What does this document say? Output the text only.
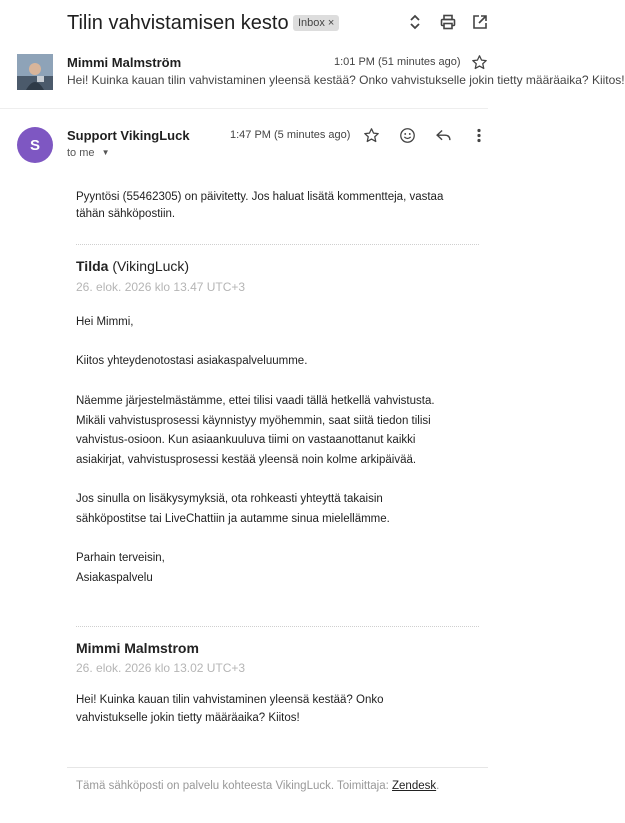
Tilin vahvistamisen kesto Inbox ×
Mimmi Malmström	1:01 PM (51 minutes ago)
Hei! Kuinka kauan tilin vahvistaminen yleensä kestää? Onko vahvistukselle jokin tietty määräaika? Kiitos!
S
Support VikingLuck	1:47 PM (5 minutes ago)
to me ▼
Pyyntösi (55462305) on päivitetty. Jos haluat lisätä kommentteja, vastaa
tähän sähköpostiin.
Tilda (VikingLuck)
26. elok. 2026 klo 13.47 UTC+3
Hei Mimmi,
Kiitos yhteydenotostasi asiakaspalveluumme.
Näemme järjestelmästämme, ettei tilisi vaadi tällä hetkellä vahvistusta.
Mikäli vahvistusprosessi käynnistyy myöhemmin, saat siitä tiedon tilisi
vahvistus-osioon. Kun asiaankuuluva tiimi on vastaanottanut kaikki
asiakirjat, vahvistusprosessi kestää yleensä noin kolme arkipäivää.
Jos sinulla on lisäkysymyksiä, ota rohkeasti yhteyttä takaisin
sähköpostitse tai LiveChattiin ja autamme sinua mielellämme.
Parhain terveisin,
Asiakaspalvelu
Mimmi Malmstrom
26. elok. 2026 klo 13.02 UTC+3
Hei! Kuinka kauan tilin vahvistaminen yleensä kestää? Onko
vahvistukselle jokin tietty määräaika? Kiitos!
Tämä sähköposti on palvelu kohteesta VikingLuck. Toimittaja: Zendesk.
